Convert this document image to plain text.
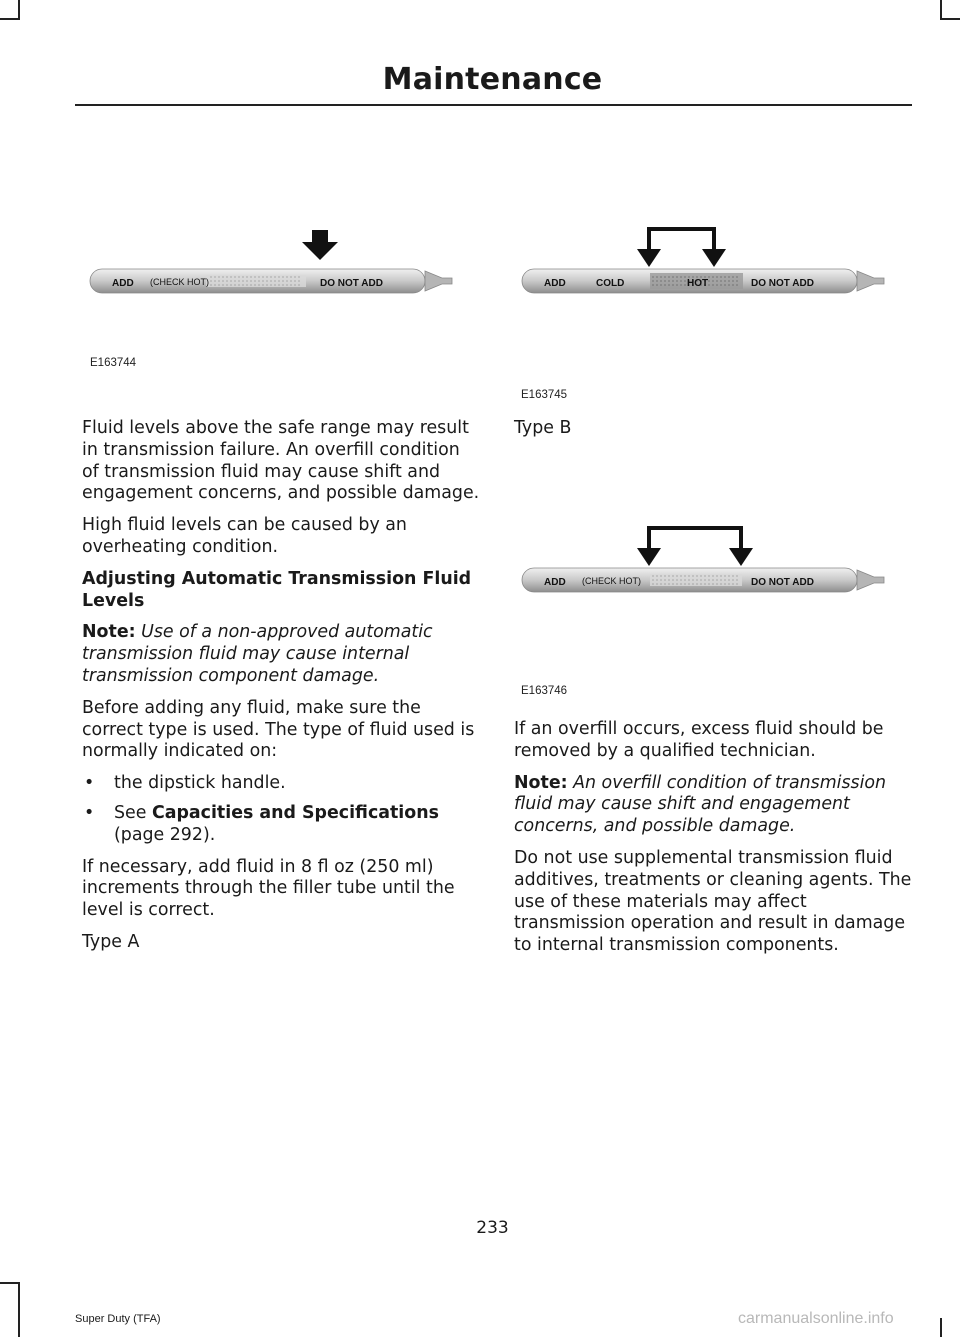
Maintenance
ADD (CHECK HOT)	DO NOT ADD
E163744
ADD	COLD	HOT	DO NOT ADD
E163745
ADD (CHECK HOT)	DO NOT ADD
E163746

Fluid levels above the safe range may result in transmission failure. An overfill condition of transmission fluid may cause shift and engagement concerns, and possible damage.

High fluid levels can be caused by an overheating condition.

Adjusting Automatic Transmission Fluid Levels

Note: Use of a non-approved automatic transmission fluid may cause internal transmission component damage.

Before adding any fluid, make sure the correct type is used. The type of fluid used is normally indicated on:

• the dipstick handle.
• See Capacities and Specifications
(page 292).

If necessary, add fluid in 8 fl oz (250 ml) increments through the filler tube until the level is correct.

Type A

Type B

If an overfill occurs, excess fluid should be removed by a qualified technician.

Note: An overfill condition of transmission fluid may cause shift and engagement concerns, and possible damage.

Do not use supplemental transmission fluid additives, treatments or cleaning agents. The use of these materials may affect transmission operation and result in damage to internal transmission components.

233
Super Duty (TFA)	carmanualsonline.info
